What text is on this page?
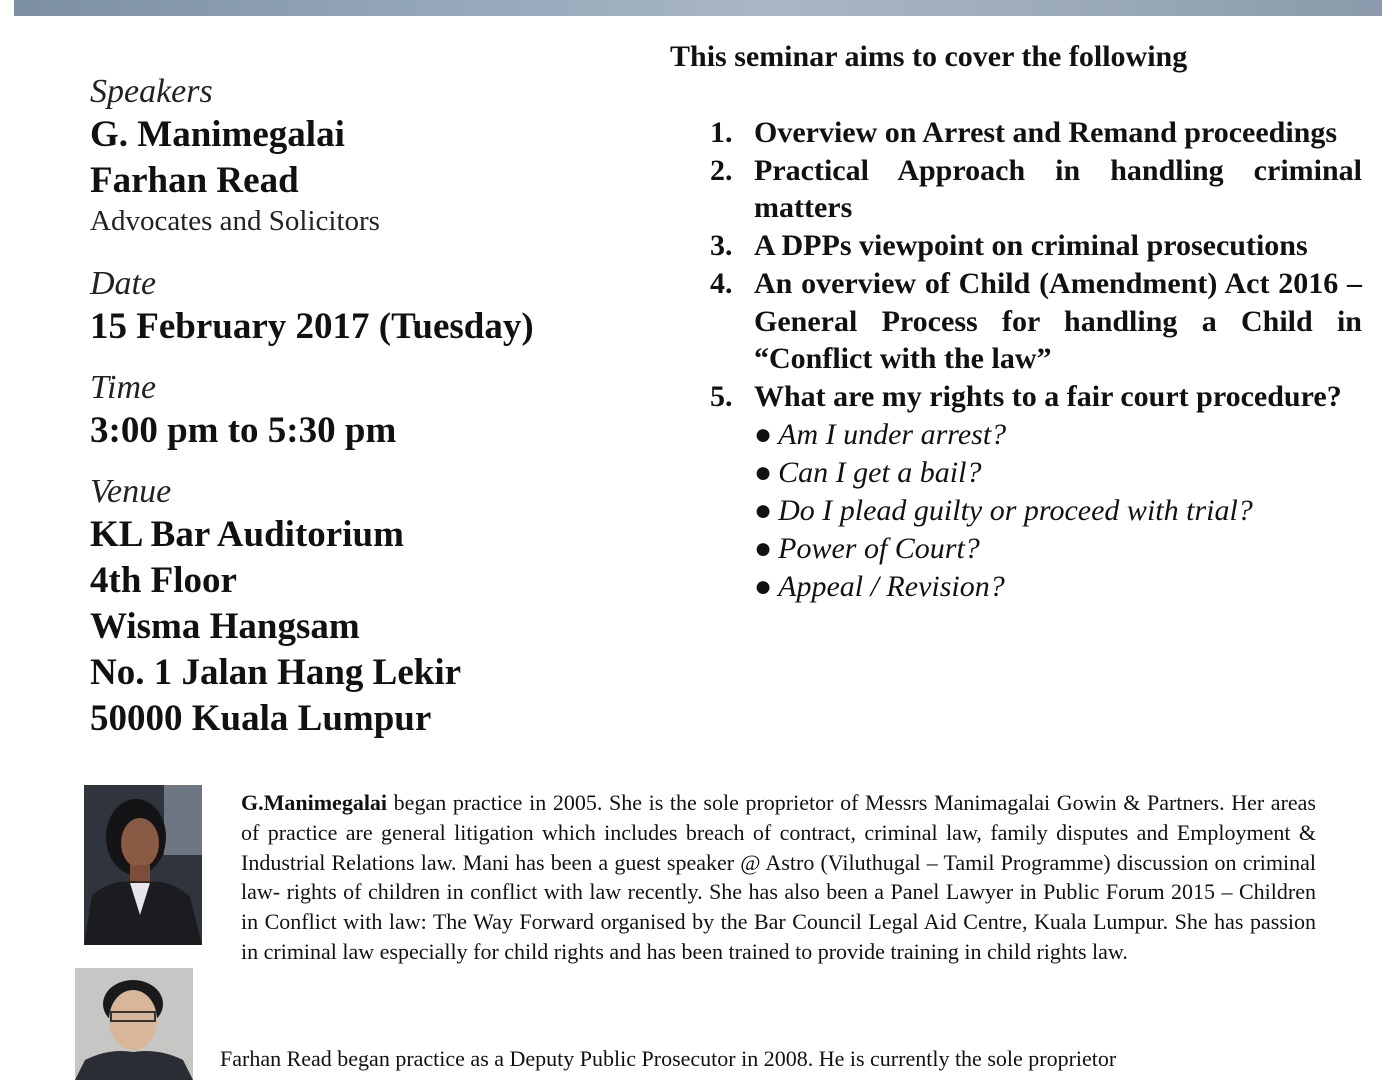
Speakers

G. Manimegalai

Farhan Read

Advocates and Solicitors

Date

15 February 2017 (Tuesday)

Time

3:00 pm to 5:30 pm

Venue

KL Bar Auditorium

4th Floor

Wisma Hangsam

No. 1 Jalan Hang Lekir

50000 Kuala Lumpur

This seminar aims to cover the following
1. Overview on Arrest and Remand proceedings
2. Practical Approach in handling criminal matters
3. A DPPs viewpoint on criminal prosecutions
4. An overview of Child (Amendment) Act 2016 – General Process for handling a Child in “Conflict with the law”
5. What are my rights to a fair court procedure?
● Am I under arrest?
● Can I get a bail?
● Do I plead guilty or proceed with trial?
● Power of Court?
● Appeal / Revision?

G.Manimegalai began practice in 2005. She is the sole proprietor of Messrs Manimagalai Gowin & Partners. Her areas of practice are general litigation which includes breach of contract, criminal law, family disputes and Employment & Industrial Relations law. Mani has been a guest speaker @ Astro (Viluthugal – Tamil Programme) discussion on criminal law- rights of children in conflict with law recently. She has also been a Panel Lawyer in Public Forum 2015 – Children in Conflict with law: The Way Forward organised by the Bar Council Legal Aid Centre, Kuala Lumpur. She has passion in criminal law especially for child rights and has been trained to provide training in child rights law.

Farhan Read began practice as a Deputy Public Prosecutor in 2008. He is currently the sole proprietor
